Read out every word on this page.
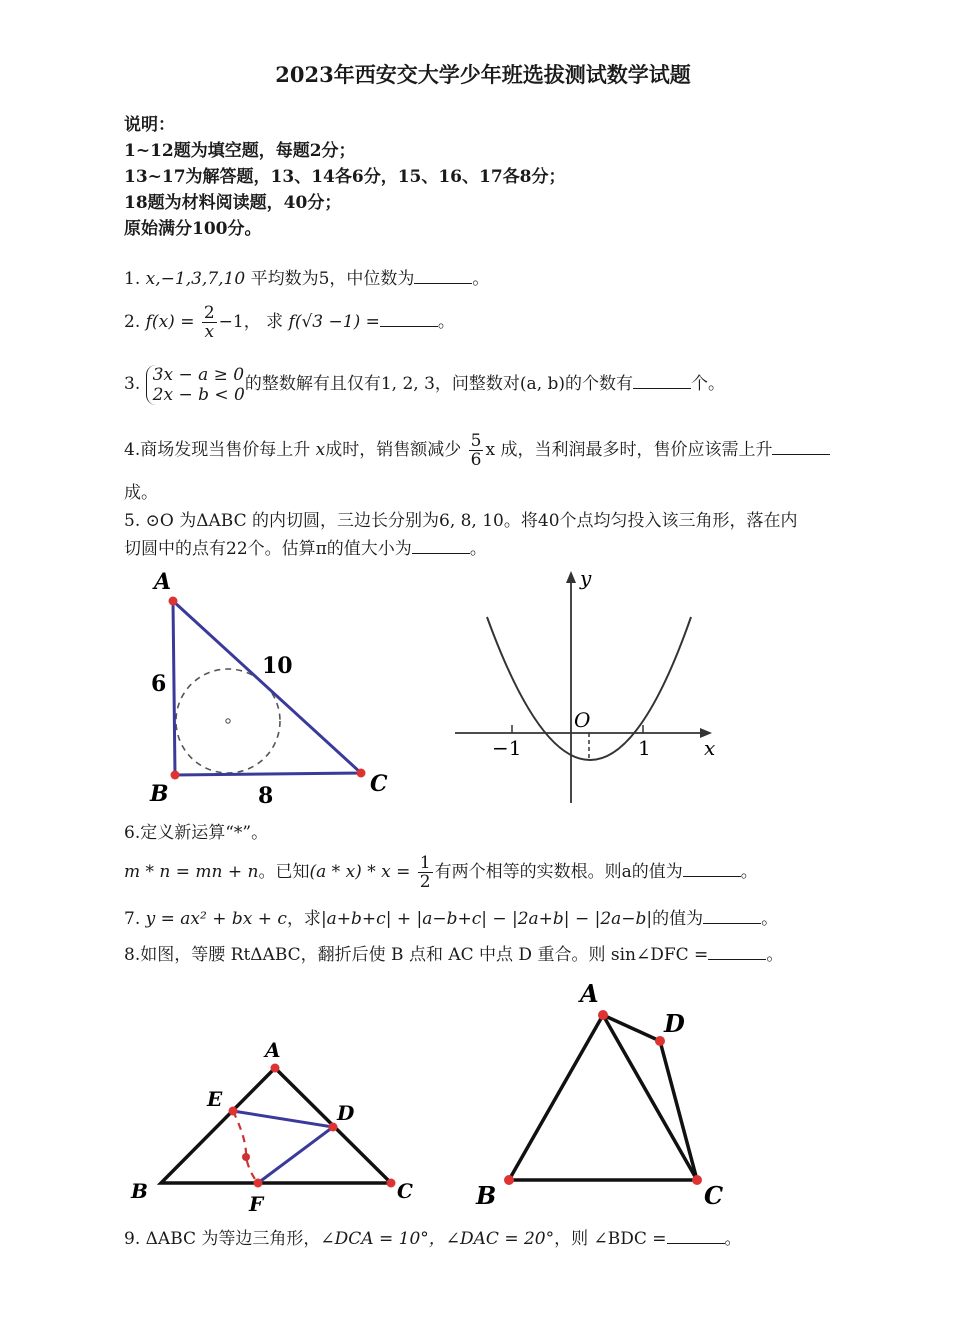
2023年西安交大学少年班选拔测试数学试题
说明：
1~12题为填空题，每题2分；
13~17为解答题，13、14各6分，15、16、17各8分；
18题为材料阅读题，40分；
原始满分100分。
1. x,−1,3,7,10 平均数为5，中位数为	。
2. $f(x) = \frac{2}{x} -1$， 求 f(√3 −1) =	。
3. 3x − a ≥ 0
2x − b < 0
的整数解有且仅有1, 2, 3，问整数对(a, b)的个数有	个。
4.商场发现当售价每上升 x成时，销售额减少 $\frac{5}{6}$ x 成，当利润最多时，售价应该需上升
成。
5. ⊙O 为ΔABC 的内切圆，三边长分别为6, 8, 10。将40个点均匀投入该三角形，落在内
切圆中的点有22个。估算π的值大小为	。
A
B	C
6
8
10
y
x
O
−1	1
6.定义新运算“*”。
m * n = mn + n。已知$(a * x) * x = \frac{1}{2}$ 有两个相等的实数根。则a的值为	。
7. y = ax² + bx + c，求|a+b+c| + |a−b+c| − |2a+b| − |2a−b|的值为	。
8.如图，等腰 RtΔABC，翻折后使 B 点和 AC 中点 D 重合。则 sin∠DFC =	。
A
E
D
B
F
C
A
D
B	C
9. ΔABC 为等边三角形，∠DCA = 10°，∠DAC = 20°，则 ∠BDC =	。
